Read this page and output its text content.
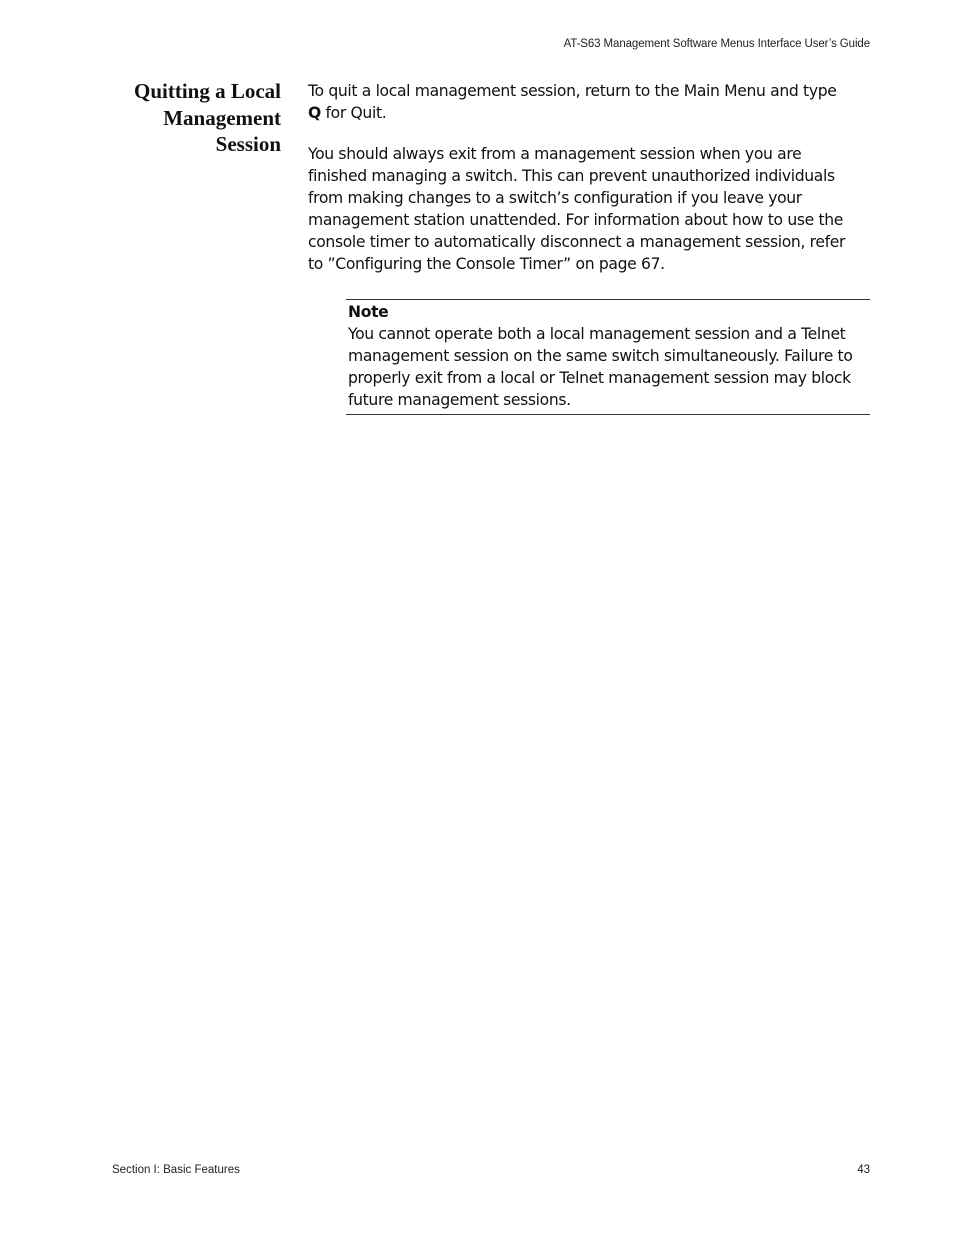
AT-S63 Management Software Menus Interface User’s Guide
Quitting a Local
Management
Session

To quit a local management session, return to the Main Menu and type
Q for Quit.

You should always exit from a management session when you are
finished managing a switch. This can prevent unauthorized individuals
from making changes to a switch’s configuration if you leave your
management station unattended. For information about how to use the
console timer to automatically disconnect a management session, refer
to ”Configuring the Console Timer” on page 67.

Note
You cannot operate both a local management session and a Telnet
management session on the same switch simultaneously. Failure to
properly exit from a local or Telnet management session may block
future management sessions.
Section I: Basic Features	43
